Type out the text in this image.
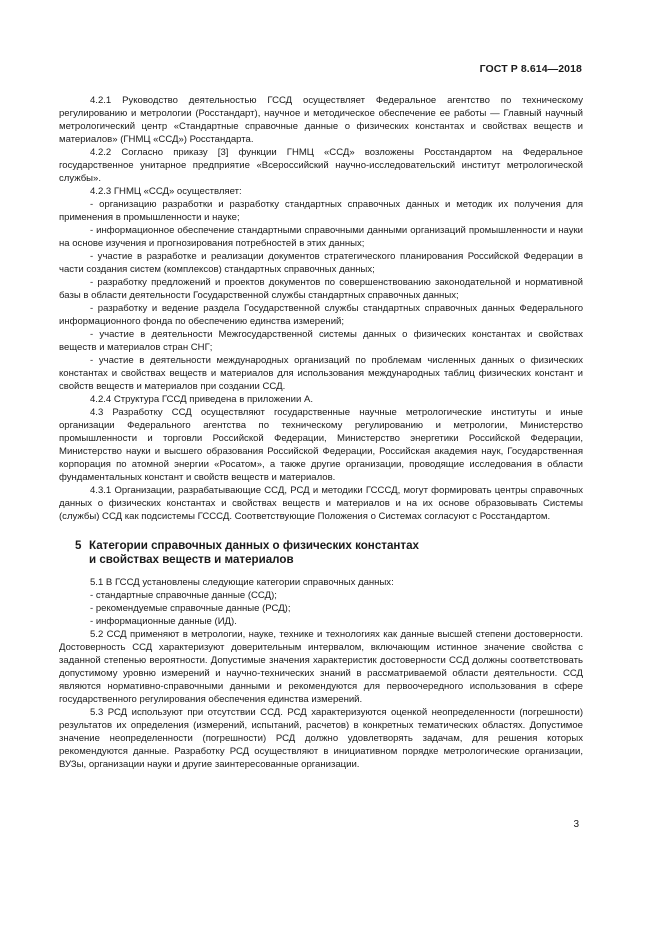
ГОСТ Р 8.614—2018

4.2.1 Руководство деятельностью ГССД осуществляет Федеральное агентство по техническому регулированию и метрологии (Росстандарт), научное и методическое обеспечение ее работы — Главный научный метрологический центр «Стандартные справочные данные о физических константах и свойствах веществ и материалов» (ГНМЦ «ССД») Росстандарта.

4.2.2 Согласно приказу [3] функции ГНМЦ «ССД» возложены Росстандартом на Федеральное государственное унитарное предприятие «Всероссийский научно-исследовательский институт метрологической службы».

4.2.3 ГНМЦ «ССД» осуществляет:

- организацию разработки и разработку стандартных справочных данных и методик их получения для применения в промышленности и науке;

- информационное обеспечение стандартными справочными данными организаций промышленности и науки на основе изучения и прогнозирования потребностей в этих данных;

- участие в разработке и реализации документов стратегического планирования Российской Федерации в части создания систем (комплексов) стандартных справочных данных;

- разработку предложений и проектов документов по совершенствованию законодательной и нормативной базы в области деятельности Государственной службы стандартных справочных данных;

- разработку и ведение раздела Государственной службы стандартных справочных данных Федерального информационного фонда по обеспечению единства измерений;

- участие в деятельности Межгосударственной системы данных о физических константах и свойствах веществ и материалов стран СНГ;

- участие в деятельности международных организаций по проблемам численных данных о физических константах и свойствах веществ и материалов для использования международных таблиц физических констант и свойств веществ и материалов при создании ССД.

4.2.4 Структура ГССД приведена в приложении А.

4.3 Разработку ССД осуществляют государственные научные метрологические институты и иные организации Федерального агентства по техническому регулированию и метрологии, Министерство промышленности и торговли Российской Федерации, Министерство энергетики Российской Федерации, Министерство науки и высшего образования Российской Федерации, Российская академия наук, Государственная корпорация по атомной энергии «Росатом», а также другие организации, проводящие исследования в области фундаментальных констант и свойств веществ и материалов.

4.3.1 Организации, разрабатывающие ССД, РСД и методики ГСССД, могут формировать центры справочных данных о физических константах и свойствах веществ и материалов и на их основе образовывать Системы (службы) ССД как подсистемы ГСССД. Соответствующие Положения о Системах согласуют с Росстандартом.

5 Категории справочных данных о физических константах
и свойствах веществ и материалов

5.1 В ГССД установлены следующие категории справочных данных:

- стандартные справочные данные (ССД);

- рекомендуемые справочные данные (РСД);

- информационные данные (ИД).

5.2 ССД применяют в метрологии, науке, технике и технологиях как данные высшей степени достоверности. Достоверность ССД характеризуют доверительным интервалом, включающим истинное значение свойства с заданной степенью вероятности. Допустимые значения характеристик достоверности ССД должны соответствовать допустимому уровню измерений и научно-технических знаний в рассматриваемой области деятельности. ССД являются нормативно-справочными данными и рекомендуются для первоочередного использования в сфере государственного регулирования обеспечения единства измерений.

5.3 РСД используют при отсутствии ССД. РСД характеризуются оценкой неопределенности (погрешности) результатов их определения (измерений, испытаний, расчетов) в конкретных тематических областях. Допустимое значение неопределенности (погрешности) РСД должно удовлетворять задачам, для решения которых рекомендуются данные. Разработку РСД осуществляют в инициативном порядке метрологические организации, ВУЗы, организации науки и другие заинтересованные организации.

3
